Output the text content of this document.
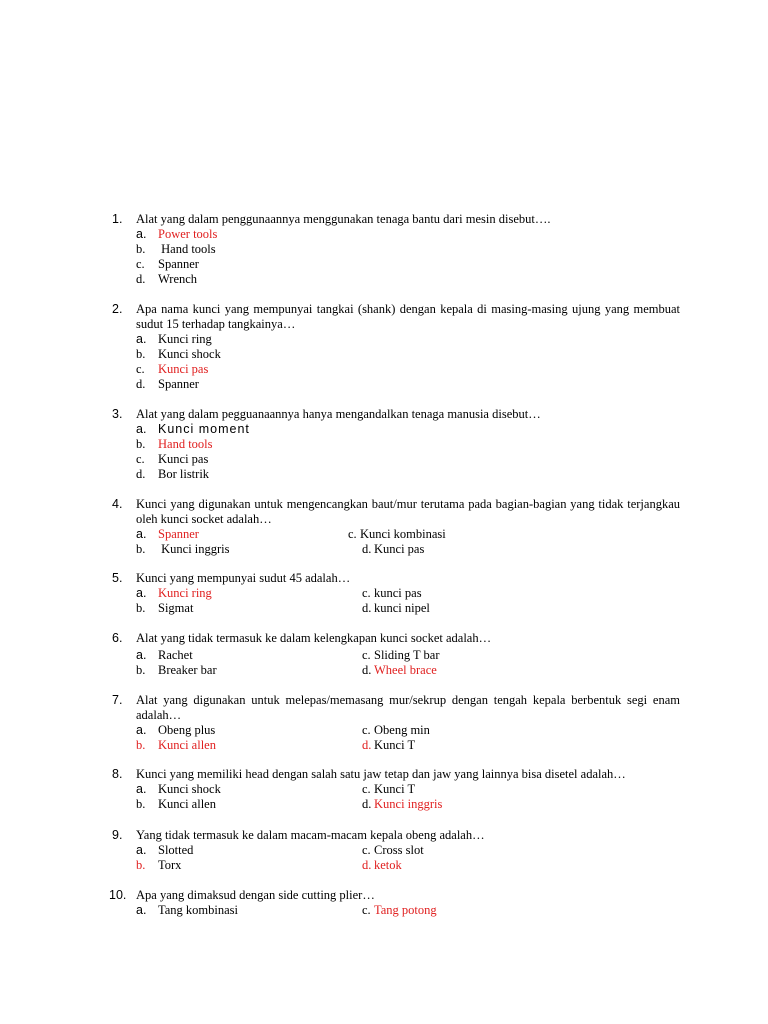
1. Alat yang dalam penggunaannya menggunakan tenaga bantu dari mesin disebut….
a. Power tools
b. Hand tools
c. Spanner
d. Wrench
2. Apa nama kunci yang mempunyai tangkai (shank) dengan kepala di masing-masing ujung yang membuat sudut 15 terhadap tangkainya…
a. Kunci ring
b. Kunci shock
c. Kunci pas
d. Spanner
3. Alat yang dalam pegguanaannya hanya mengandalkan tenaga manusia disebut…
a. Kunci moment
b. Hand tools
c. Kunci pas
d. Bor listrik
4. Kunci yang digunakan untuk mengencangkan baut/mur terutama pada bagian-bagian yang tidak terjangkau oleh kunci socket adalah…
a. Spanner	c. Kunci kombinasi
b. Kunci inggris	d. Kunci pas
5. Kunci yang mempunyai sudut 45 adalah…
a. Kunci ring	c. kunci pas
b. Sigmat	d. kunci nipel
6. Alat yang tidak termasuk ke dalam kelengkapan kunci socket adalah…
a. Rachet	c. Sliding T bar
b. Breaker bar	d. Wheel brace
7. Alat yang digunakan untuk melepas/memasang mur/sekrup dengan tengah kepala berbentuk segi enam adalah…
a. Obeng plus	c. Obeng min
b. Kunci allen	d. Kunci T
8. Kunci yang memiliki head dengan salah satu jaw tetap dan jaw yang lainnya bisa disetel adalah…
a. Kunci shock	c. Kunci T
b. Kunci allen	d. Kunci inggris
9. Yang tidak termasuk ke dalam macam-macam kepala obeng adalah…
a. Slotted	c. Cross slot
b. Torx	d. ketok
10. Apa yang dimaksud dengan side cutting plier…
a. Tang kombinasi	c. Tang potong
